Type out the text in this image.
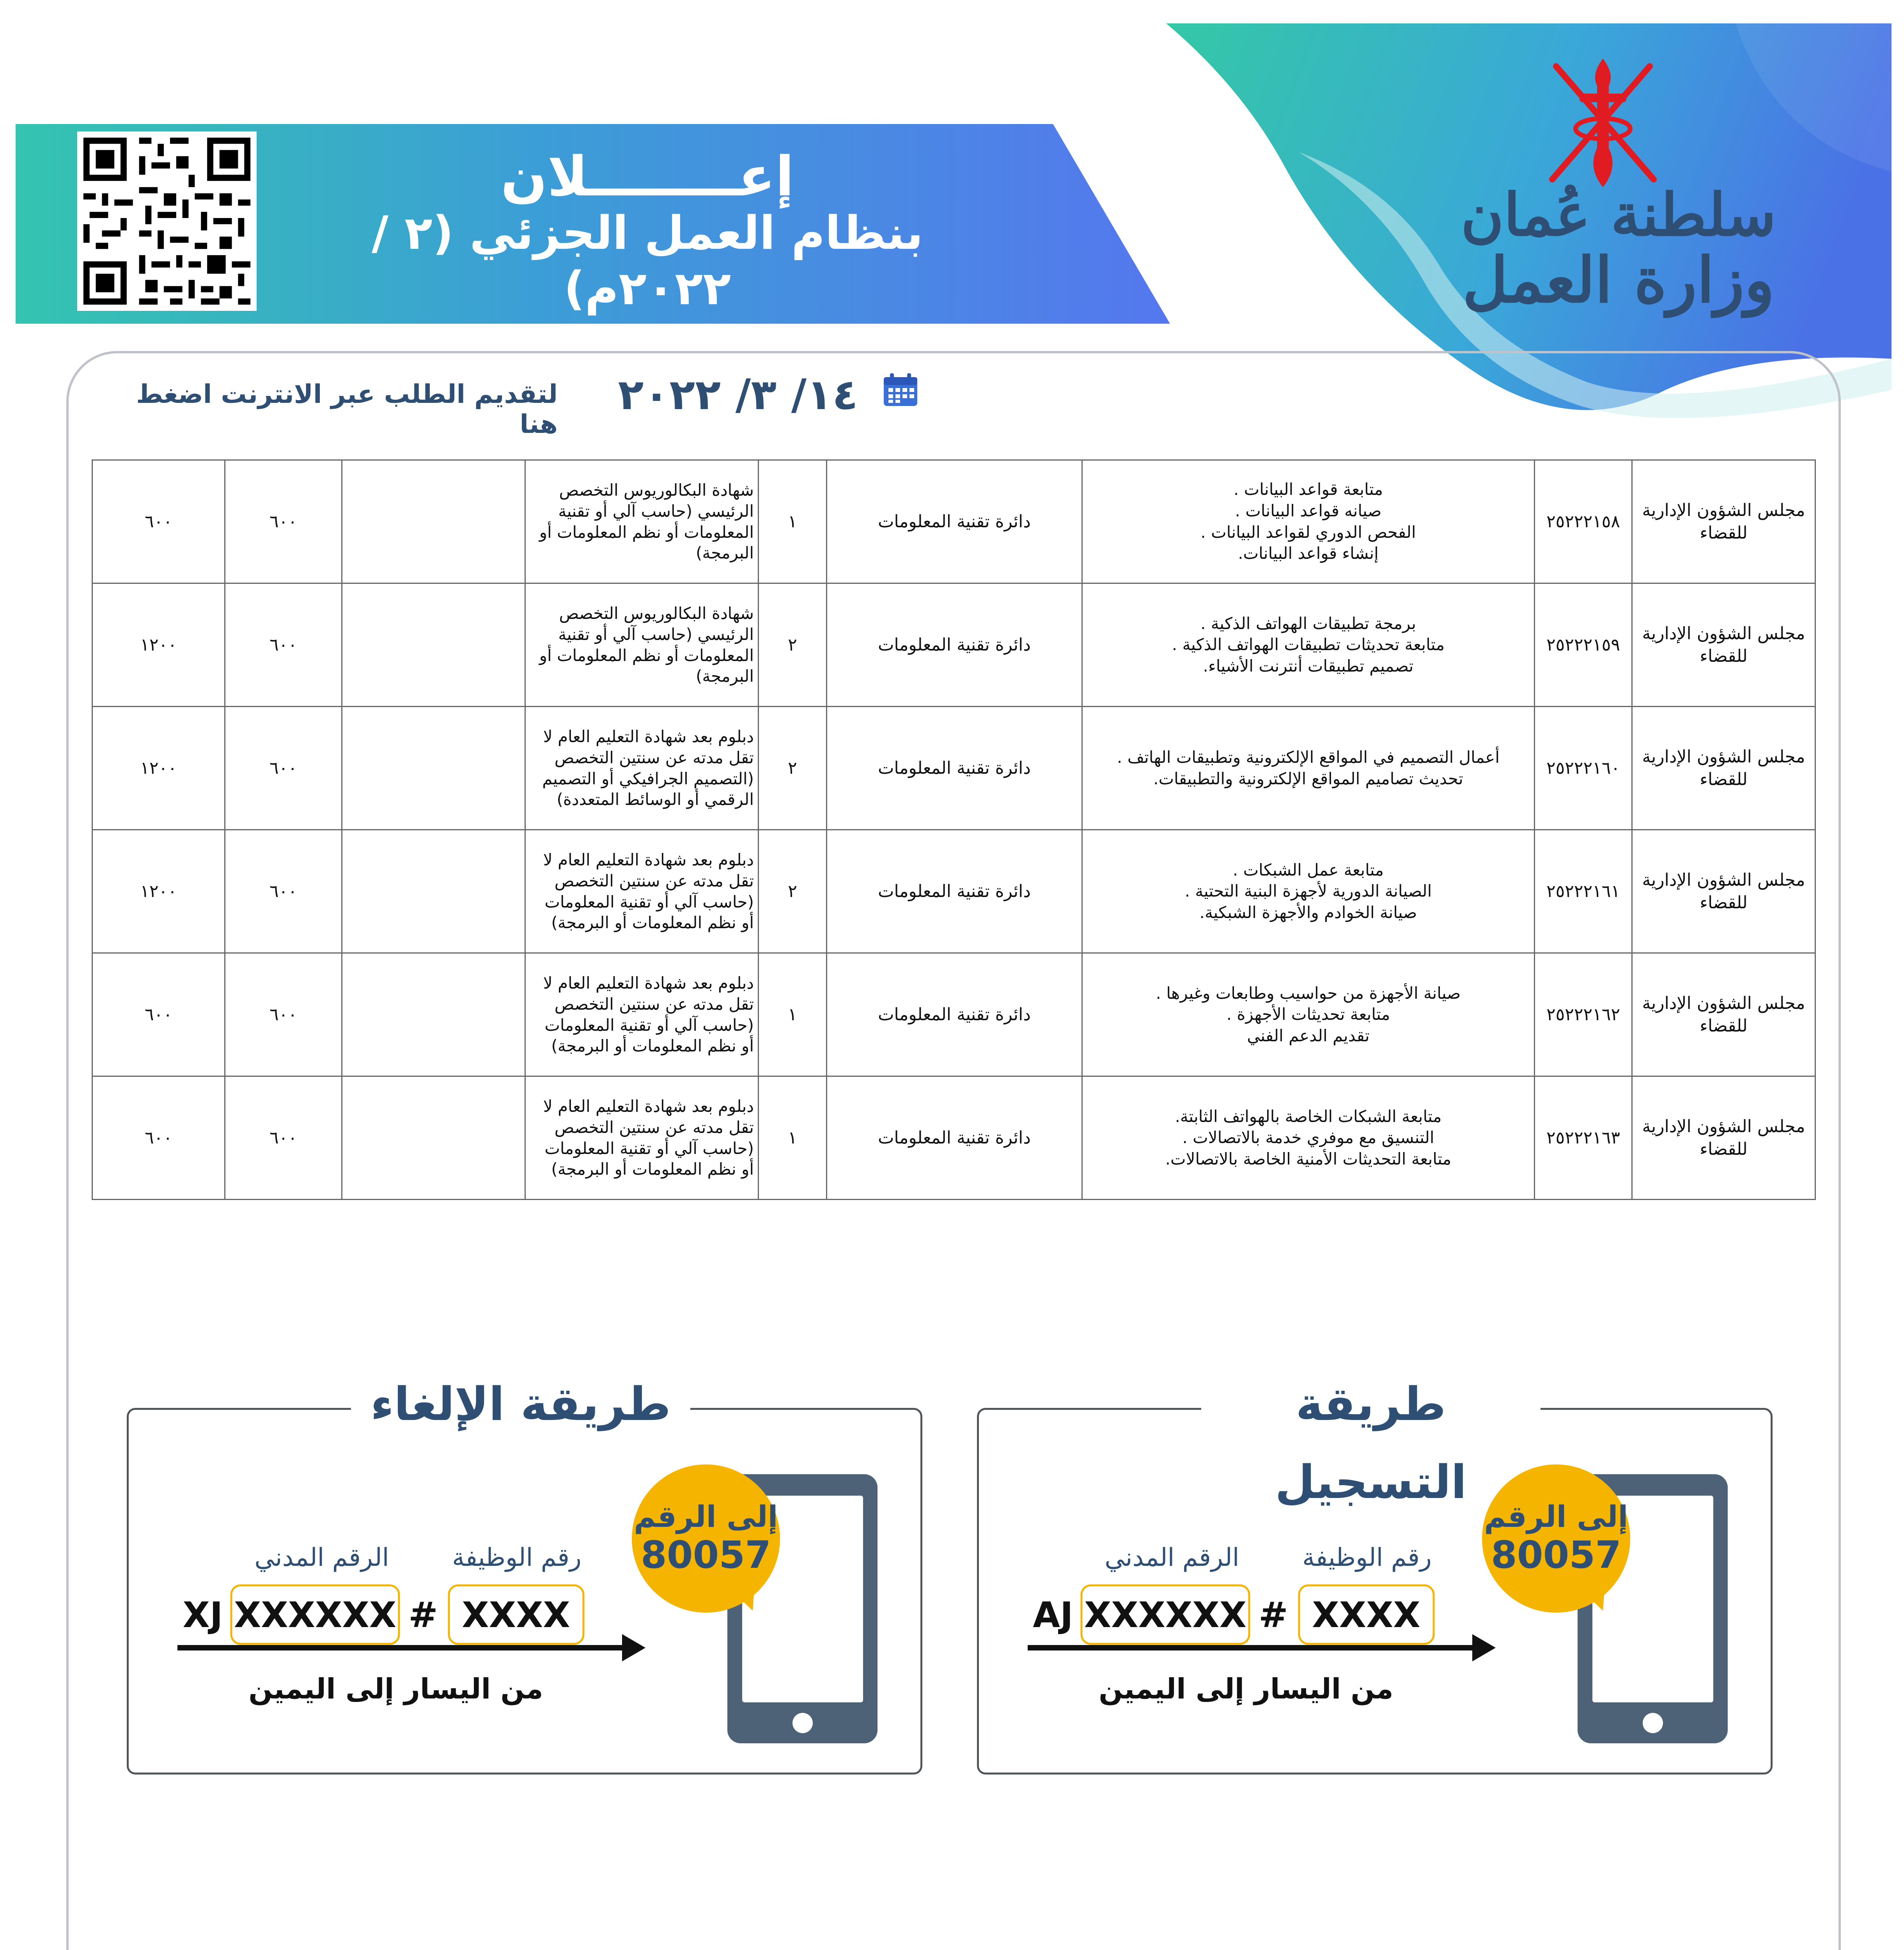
سلطنة عُمان
وزارة العمل
إعــــــــلان
بنظام العمل الجزئي (٢ / ٢٠٢٢م)
١٤/ ٣/ ٢٠٢٢
لتقديم الطلب عبر الانترنت اضغط هنا
مجلس الشؤون الإدارية للقضاء	٢٥٢٢٢١٥٨	متابعة قواعد البيانات .
صيانه قواعد البيانات .
الفحص الدوري لقواعد البيانات .
إنشاء قواعد البيانات.	دائرة تقنية المعلومات	١	شهادة البكالوريوس التخصص الرئيسي (حاسب آلي أو تقنية المعلومات أو نظم المعلومات أو البرمجة)		٦٠٠	٦٠٠
مجلس الشؤون الإدارية للقضاء	٢٥٢٢٢١٥٩	برمجة تطبيقات الهواتف الذكية .
متابعة تحديثات تطبيقات الهواتف الذكية .
تصميم تطبيقات أنترنت الأشياء.	دائرة تقنية المعلومات	٢	شهادة البكالوريوس التخصص الرئيسي (حاسب آلي أو تقنية المعلومات أو نظم المعلومات أو البرمجة)		٦٠٠	١٢٠٠
مجلس الشؤون الإدارية للقضاء	٢٥٢٢٢١٦٠	أعمال التصميم في المواقع الإلكترونية وتطبيقات الهاتف .
تحديث تصاميم المواقع الإلكترونية والتطبيقات.	دائرة تقنية المعلومات	٢	دبلوم بعد شهادة التعليم العام لا تقل مدته عن سنتين التخصص (التصميم الجرافيكي أو التصميم الرقمي أو الوسائط المتعددة)		٦٠٠	١٢٠٠
مجلس الشؤون الإدارية للقضاء	٢٥٢٢٢١٦١	متابعة عمل الشبكات .
الصيانة الدورية لأجهزة البنية التحتية .
صيانة الخوادم والأجهزة الشبكية.	دائرة تقنية المعلومات	٢	دبلوم بعد شهادة التعليم العام لا تقل مدته عن سنتين التخصص (حاسب آلي أو تقنية المعلومات أو نظم المعلومات أو البرمجة)		٦٠٠	١٢٠٠
مجلس الشؤون الإدارية للقضاء	٢٥٢٢٢١٦٢	صيانة الأجهزة من حواسيب وطابعات وغيرها .
متابعة تحديثات الأجهزة .
تقديم الدعم الفني	دائرة تقنية المعلومات	١	دبلوم بعد شهادة التعليم العام لا تقل مدته عن سنتين التخصص (حاسب آلي أو تقنية المعلومات أو نظم المعلومات أو البرمجة)		٦٠٠	٦٠٠
مجلس الشؤون الإدارية للقضاء	٢٥٢٢٢١٦٣	متابعة الشبكات الخاصة بالهواتف الثابتة.
التنسيق مع موفري خدمة بالاتصالات .
متابعة التحديثات الأمنية الخاصة بالاتصالات.	دائرة تقنية المعلومات	١	دبلوم بعد شهادة التعليم العام لا تقل مدته عن سنتين التخصص (حاسب آلي أو تقنية المعلومات أو نظم المعلومات أو البرمجة)		٦٠٠	٦٠٠
طريقة التسجيل
إلى الرقم
80057
رقم الوظيفة
الرقم المدني
XXXX
#
XXXXXX
AJ
من اليسار إلى اليمين
طريقة الإلغاء
إلى الرقم
80057
رقم الوظيفة
الرقم المدني
XXXX
#
XXXXXX
XJ
من اليسار إلى اليمين
